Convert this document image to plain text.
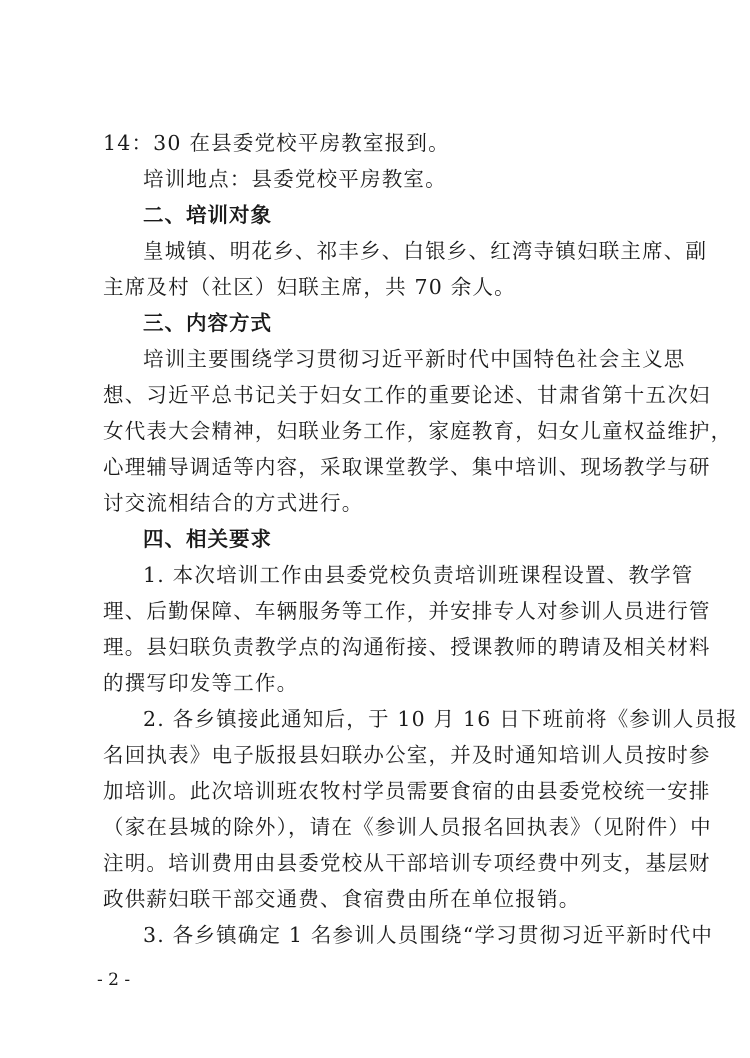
14：30 在县委党校平房教室报到。
培训地点：县委党校平房教室。
二、培训对象
皇城镇、明花乡、祁丰乡、白银乡、红湾寺镇妇联主席、副
主席及村（社区）妇联主席，共 70 余人。
三、内容方式
培训主要围绕学习贯彻习近平新时代中国特色社会主义思
想、习近平总书记关于妇女工作的重要论述、甘肃省第十五次妇
女代表大会精神，妇联业务工作，家庭教育，妇女儿童权益维护，
心理辅导调适等内容，采取课堂教学、集中培训、现场教学与研
讨交流相结合的方式进行。
四、相关要求
1. 本次培训工作由县委党校负责培训班课程设置、教学管
理、后勤保障、车辆服务等工作，并安排专人对参训人员进行管
理。县妇联负责教学点的沟通衔接、授课教师的聘请及相关材料
的撰写印发等工作。
2. 各乡镇接此通知后，于 10 月 16 日下班前将《参训人员报
名回执表》电子版报县妇联办公室，并及时通知培训人员按时参
加培训。此次培训班农牧村学员需要食宿的由县委党校统一安排
（家在县城的除外），请在《参训人员报名回执表》（见附件）中
注明。培训费用由县委党校从干部培训专项经费中列支，基层财
政供薪妇联干部交通费、食宿费由所在单位报销。
3. 各乡镇确定 1 名参训人员围绕“学习贯彻习近平新时代中
- 2 -
